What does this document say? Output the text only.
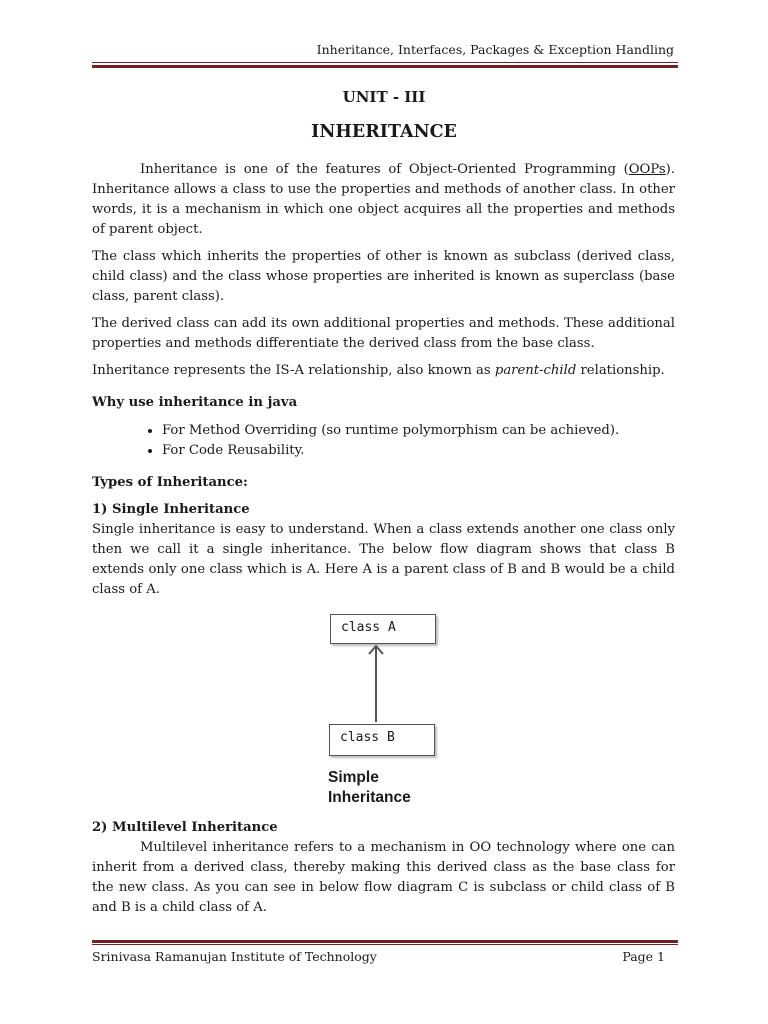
Inheritance, Interfaces, Packages & Exception Handling
UNIT - III
INHERITANCE

Inheritance is one of the features of Object-Oriented Programming (OOPs). Inheritance allows a class to use the properties and methods of another class. In other words, it is a mechanism in which one object acquires all the properties and methods of parent object.

The class which inherits the properties of other is known as subclass (derived class, child class) and the class whose properties are inherited is known as superclass (base class, parent class).

The derived class can add its own additional properties and methods. These additional properties and methods differentiate the derived class from the base class.

Inheritance represents the IS-A relationship, also known as parent-child relationship.

Why use inheritance in java

• For Method Overriding (so runtime polymorphism can be achieved).
• For Code Reusability.

Types of Inheritance:

1) Single Inheritance

Single inheritance is easy to understand. When a class extends another one class only then we call it a single inheritance. The below flow diagram shows that class B extends only one class which is A. Here A is a parent class of B and B would be a child class of A.

class A
class B
Simple
Inheritance

2) Multilevel Inheritance

Multilevel inheritance refers to a mechanism in OO technology where one can inherit from a derived class, thereby making this derived class as the base class for the new class. As you can see in below flow diagram C is subclass or child class of B and B is a child class of A.

Srinivasa Ramanujan Institute of Technology	Page 1
